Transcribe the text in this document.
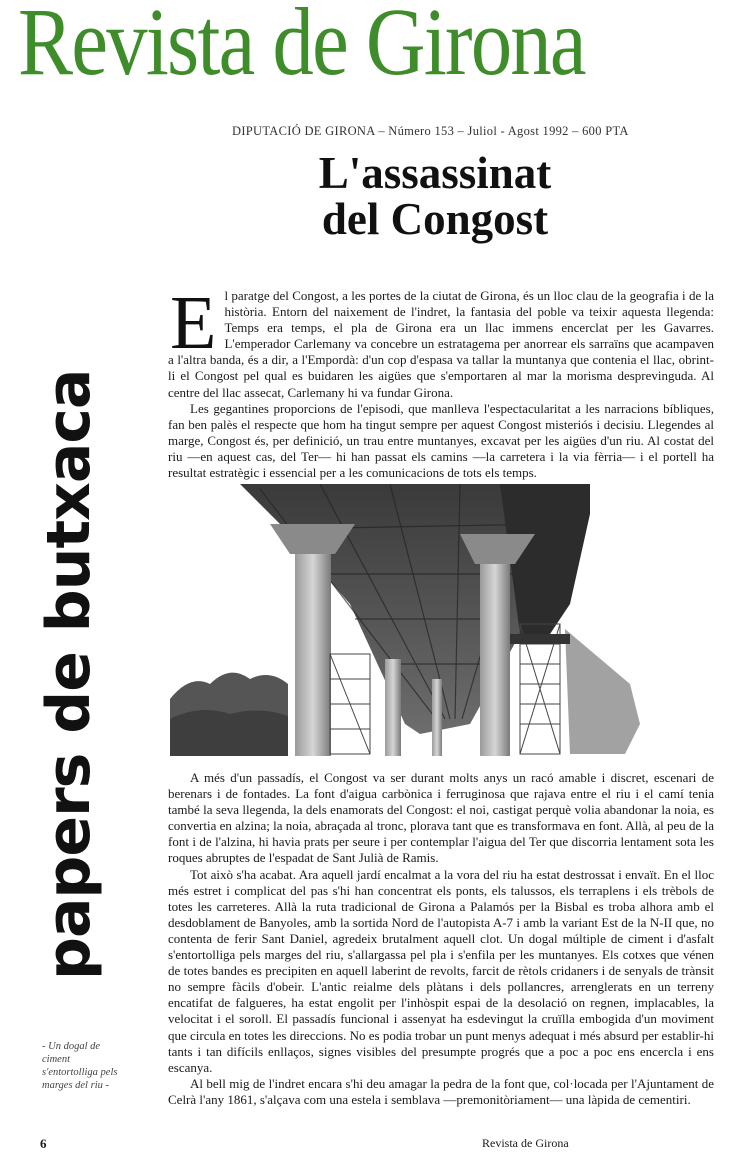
Revista de Girona
DIPUTACIÓ DE GIRONA – Número 153 – Juliol - Agost 1992 – 600 PTA
papers de butxaca
L'assassinat
del Congost

El paratge del Congost, a les portes de la ciutat de Girona, és un lloc clau de la geografia i de la història. Entorn del naixement de l'indret, la fantasia del poble va teixir aquesta llegenda: Temps era temps, el pla de Girona era un llac immens encerclat per les Gavarres. L'emperador Carlemany va concebre un estratagema per anorrear els sarraïns que acampaven a l'altra banda, és a dir, a l'Empordà: d'un cop d'espasa va tallar la muntanya que contenia el llac, obrint-li el Congost pel qual es buidaren les aigües que s'emportaren al mar la morisma desprevinguda. Al centre del llac assecat, Carlemany hi va fundar Girona.

Les gegantines proporcions de l'episodi, que manlleva l'espectacularitat a les narracions bíbliques, fan ben palès el respecte que hom ha tingut sempre per aquest Congost misteriós i decisiu. Llegendes al marge, Congost és, per definició, un trau entre muntanyes, excavat per les aigües d'un riu. Al costat del riu —en aquest cas, del Ter— hi han passat els camins —la carretera i la via fèrria— i el portell ha resultat estratègic i essencial per a les comunicacions de tots els temps.

A més d'un passadís, el Congost va ser durant molts anys un racó amable i discret, escenari de berenars i de fontades. La font d'aigua carbònica i ferruginosa que rajava entre el riu i el camí tenia també la seva llegenda, la dels enamorats del Congost: el noi, castigat perquè volia abandonar la noia, es convertia en alzina; la noia, abraçada al tronc, plorava tant que es transformava en font. Allà, al peu de la font i de l'alzina, hi havia prats per seure i per contemplar l'aigua del Ter que discorria lentament sota les roques abruptes de l'espadat de Sant Julià de Ramis.

Tot això s'ha acabat. Ara aquell jardí encalmat a la vora del riu ha estat destrossat i envaït. En el lloc més estret i complicat del pas s'hi han concentrat els ponts, els talussos, els terraplens i els trèbols de totes les carreteres. Allà la ruta tradicional de Girona a Palamós per la Bisbal es troba alhora amb el desdoblament de Banyoles, amb la sortida Nord de l'autopista A-7 i amb la variant Est de la N-II que, no contenta de ferir Sant Daniel, agredeix brutalment aquell clot. Un dogal múltiple de ciment i d'asfalt s'entortolliga pels marges del riu, s'allargassa pel pla i s'enfila per les muntanyes. Els cotxes que vénen de totes bandes es precipiten en aquell laberint de revolts, farcit de rètols cridaners i de senyals de trànsit no sempre fàcils d'obeir. L'antic reialme dels plàtans i dels pollancres, arrenglerats en un terreny encatifat de falgueres, ha estat engolit per l'inhòspit espai de la desolació on regnen, implacables, la velocitat i el soroll. El passadís funcional i assenyat ha esdevingut la cruïlla embogida d'un moviment que circula en totes les direccions. No es podia trobar un punt menys adequat i més absurd per establir-hi tants i tan difícils enllaços, signes visibles del presumpte progrés que a poc a poc ens encercla i ens escanya.

Al bell mig de l'indret encara s'hi deu amagar la pedra de la font que, col·locada per l'Ajuntament de Celrà l'any 1861, s'alçava com una estela i semblava —premonitòriament— una làpida de cementiri.

- Un dogal de ciment s'entortolliga pels marges del riu -
6	Revista de Girona
